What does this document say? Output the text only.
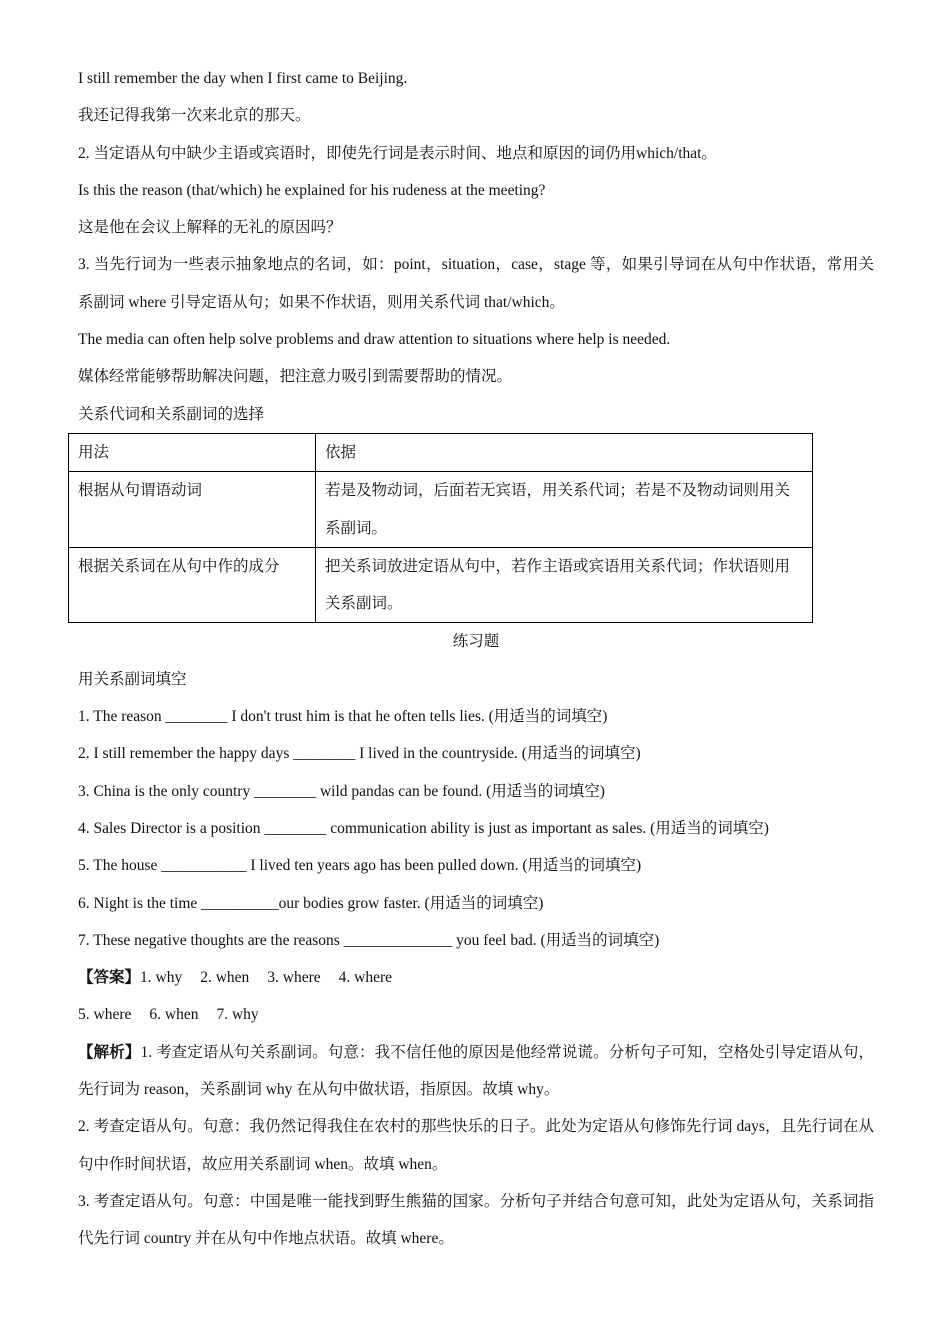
I still remember the day when I first came to Beijing.
我还记得我第一次来北京的那天。
2. 当定语从句中缺少主语或宾语时，即使先行词是表示时间、地点和原因的词仍用which/that。
Is this the reason (that/which) he explained for his rudeness at the meeting?
这是他在会议上解释的无礼的原因吗？
3. 当先行词为一些表示抽象地点的名词，如：point，situation，case，stage 等，如果引导词在从句中作状语，常用关系副词 where 引导定语从句；如果不作状语，则用关系代词 that/which。
The media can often help solve problems and draw attention to situations where help is needed.
媒体经常能够帮助解决问题，把注意力吸引到需要帮助的情况。
关系代词和关系副词的选择
用法	依据
根据从句谓语动词	若是及物动词，后面若无宾语，用关系代词；若是不及物动词则用关系副词。
根据关系词在从句中作的成分	把关系词放进定语从句中，若作主语或宾语用关系代词；作状语则用关系副词。
练习题
用关系副词填空
1. The reason ________ I don't trust him is that he often tells lies. (用适当的词填空)
2. I still remember the happy days ________ I lived in the countryside. (用适当的词填空)
3. China is the only country ________ wild pandas can be found. (用适当的词填空)
4. Sales Director is a position ________ communication ability is just as important as sales. (用适当的词填空)
5. The house ___________ I lived ten years ago has been pulled down. (用适当的词填空)
6. Night is the time __________our bodies grow faster. (用适当的词填空)
7. These negative thoughts are the reasons ______________ you feel bad. (用适当的词填空)
【答案】1. why 2. when 3. where 4. where
5. where 6. when 7. why
【解析】1. 考查定语从句关系副词。句意：我不信任他的原因是他经常说谎。分析句子可知，空格处引导定语从句，先行词为 reason，关系副词 why 在从句中做状语，指原因。故填 why。
2. 考查定语从句。句意：我仍然记得我住在农村的那些快乐的日子。此处为定语从句修饰先行词 days，且先行词在从句中作时间状语，故应用关系副词 when。故填 when。
3. 考查定语从句。句意：中国是唯一能找到野生熊猫的国家。分析句子并结合句意可知，此处为定语从句，关系词指代先行词 country 并在从句中作地点状语。故填 where。
